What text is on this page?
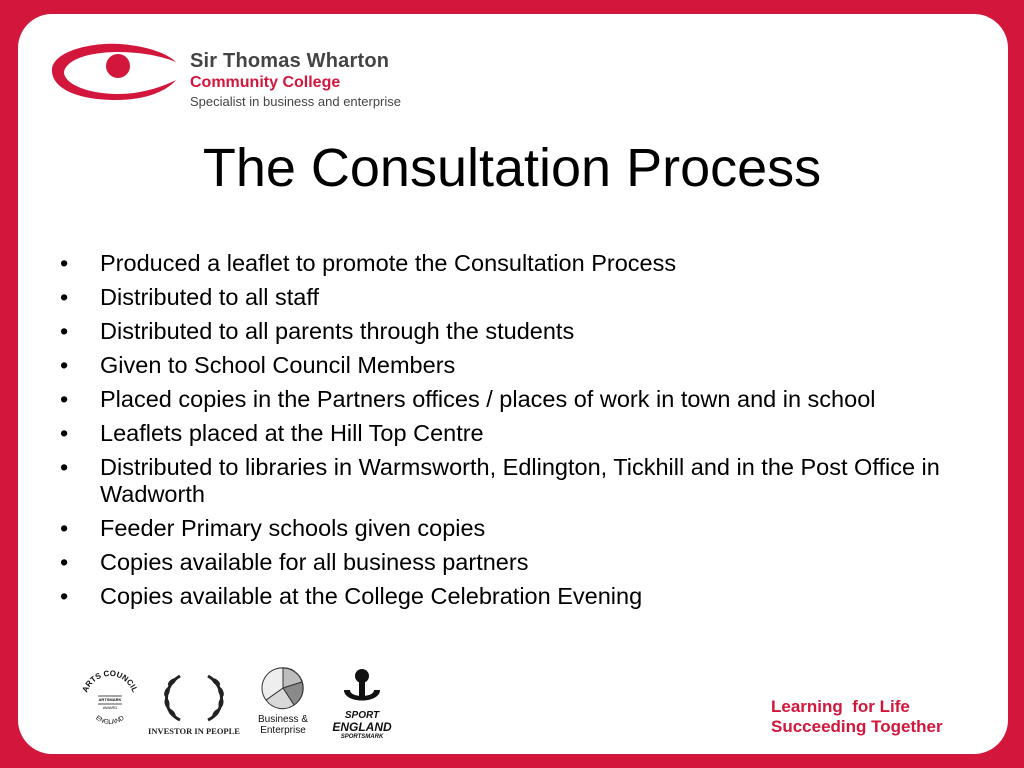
Sir Thomas Wharton
Community College
Specialist in business and enterprise
The Consultation Process
• Produced a leaflet to promote the Consultation Process
• Distributed to all staff
• Distributed to all parents through the students
• Given to School Council Members
• Placed copies in the Partners offices / places of work in town and in school
• Leaflets placed at the Hill Top Centre
• Distributed to libraries in Warmsworth, Edlington, Tickhill and in the Post Office in Wadworth
• Feeder Primary schools given copies
• Copies available for all business partners
• Copies available at the College Celebration Evening
ARTS COUNCIL
ENGLAND
ARTSMARK
AWARD
INVESTOR IN PEOPLE
Business &
Enterprise
SPORT
ENGLAND
SPORTSMARK
Learning  for Life
Succeeding Together
